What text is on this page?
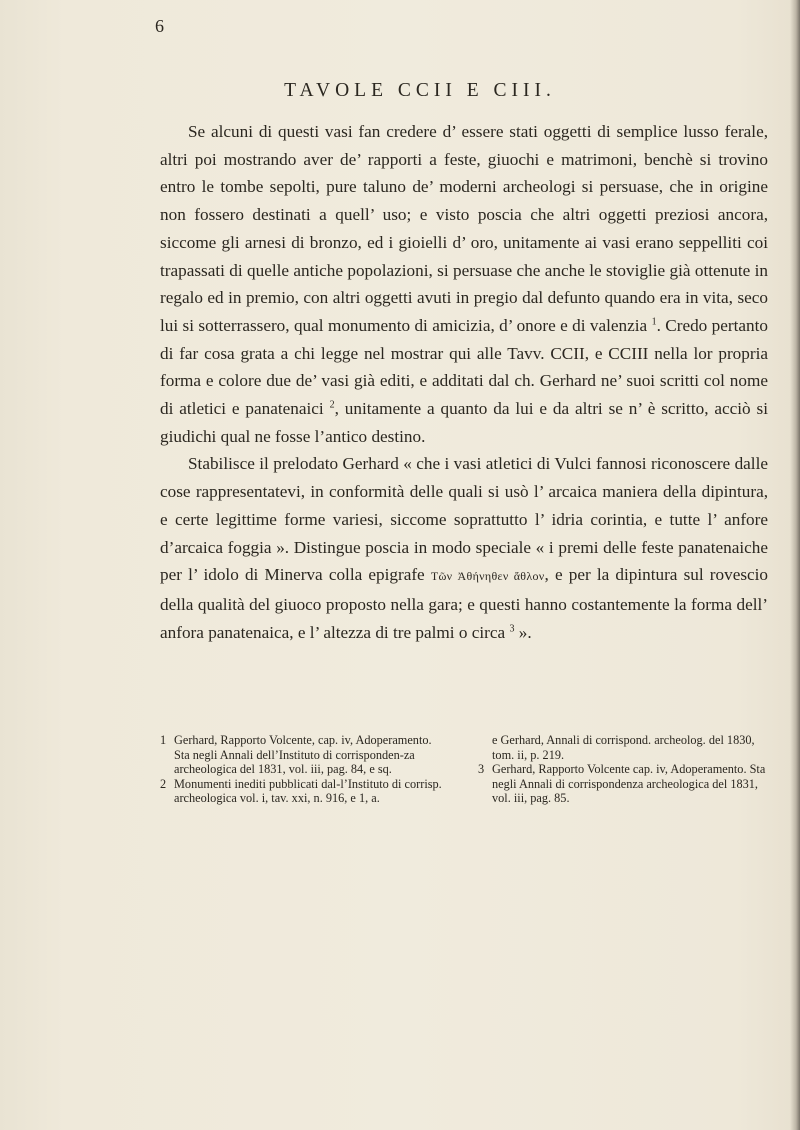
6
TAVOLE CCII E CIII.

Se alcuni di questi vasi fan credere d’ essere stati oggetti di semplice lusso ferale, altri poi mostrando aver de’ rapporti a feste, giuochi e matrimoni, benchè si trovino entro le tombe sepolti, pure taluno de’ moderni archeologi si persuase, che in origine non fossero destinati a quell’ uso; e visto poscia che altri oggetti preziosi ancora, siccome gli arnesi di bronzo, ed i gioielli d’ oro, unitamente ai vasi erano seppelliti coi trapassati di quelle antiche popolazioni, si persuase che anche le stoviglie già ottenute in regalo ed in premio, con altri oggetti avuti in pregio dal defunto quando era in vita, seco lui si sotterrassero, qual monumento di amicizia, d’ onore e di valenzia $^1$. Credo pertanto di far cosa grata a chi legge nel mostrar qui alle Tavv. CCII, e CCIII nella lor propria forma e colore due de’ vasi già editi, e additati dal ch. Gerhard ne’ suoi scritti col nome di atletici e panatenaici $^2$, unitamente a quanto da lui e da altri se n’ è scritto, acciò si giudichi qual ne fosse l’antico destino.

Stabilisce il prelodato Gerhard « che i vasi atletici di Vulci fannosi riconoscere dalle cose rappresentatevi, in conformità delle quali si usò l’ arcaica maniera della dipintura, e certe legittime forme variesi, siccome soprattutto l’ idria corintia, e tutte l’ anfore d’arcaica foggia ». Distingue poscia in modo speciale « i premi delle feste panatenaiche per l’ idolo di Minerva colla epigrafe Τῶν Ἀθήνηθεν ἄθλον, e per la dipintura sul rovescio della qualità del giuoco proposto nella gara; e questi hanno costantemente la forma dell’ anfora panatenaica, e l’ altezza di tre palmi o circa $^3$ ».

1 Gerhard, Rapporto Volcente, cap. iv, Adoperamento. Sta negli Annali dell’Instituto di corrisponden-za archeologica del 1831, vol. iii, pag. 84, e sq.
2 Monumenti inediti pubblicati dal-l’Instituto di corrisp. archeologica vol. i, tav. xxi, n. 916, e 1, a.
e Gerhard, Annali di corrispond. archeolog. del 1830, tom. ii, p. 219.
3 Gerhard, Rapporto Volcente cap. iv, Adoperamento. Sta negli Annali di corrispondenza archeologica del 1831, vol. iii, pag. 85.
